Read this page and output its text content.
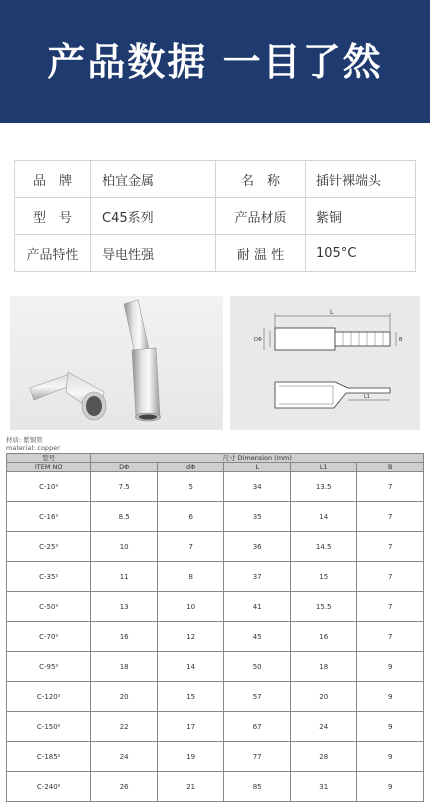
产品数据 一目了然
品　牌	柏宜金属	名　称	插针裸端头
型　号	C45系列	产品材质	紫铜
产品特性	导电性强	耐 温 性	105°C
L
DΦ	B
L1
材质: 紫铜管
material: copper
型号	尺寸 Dimension (mm)				
ITEM NO	DΦ	dΦ	L	L1	B
C-10²	7.5	5	34	13.5	7
C-16²	8.5	6	35	14	7
C-25²	10	7	36	14.5	7
C-35²	11	8	37	15	7
C-50²	13	10	41	15.5	7
C-70²	16	12	45	16	7
C-95²	18	14	50	18	9
C-120²	20	15	57	20	9
C-150²	22	17	67	24	9
C-185²	24	19	77	28	9
C-240²	26	21	85	31	9
